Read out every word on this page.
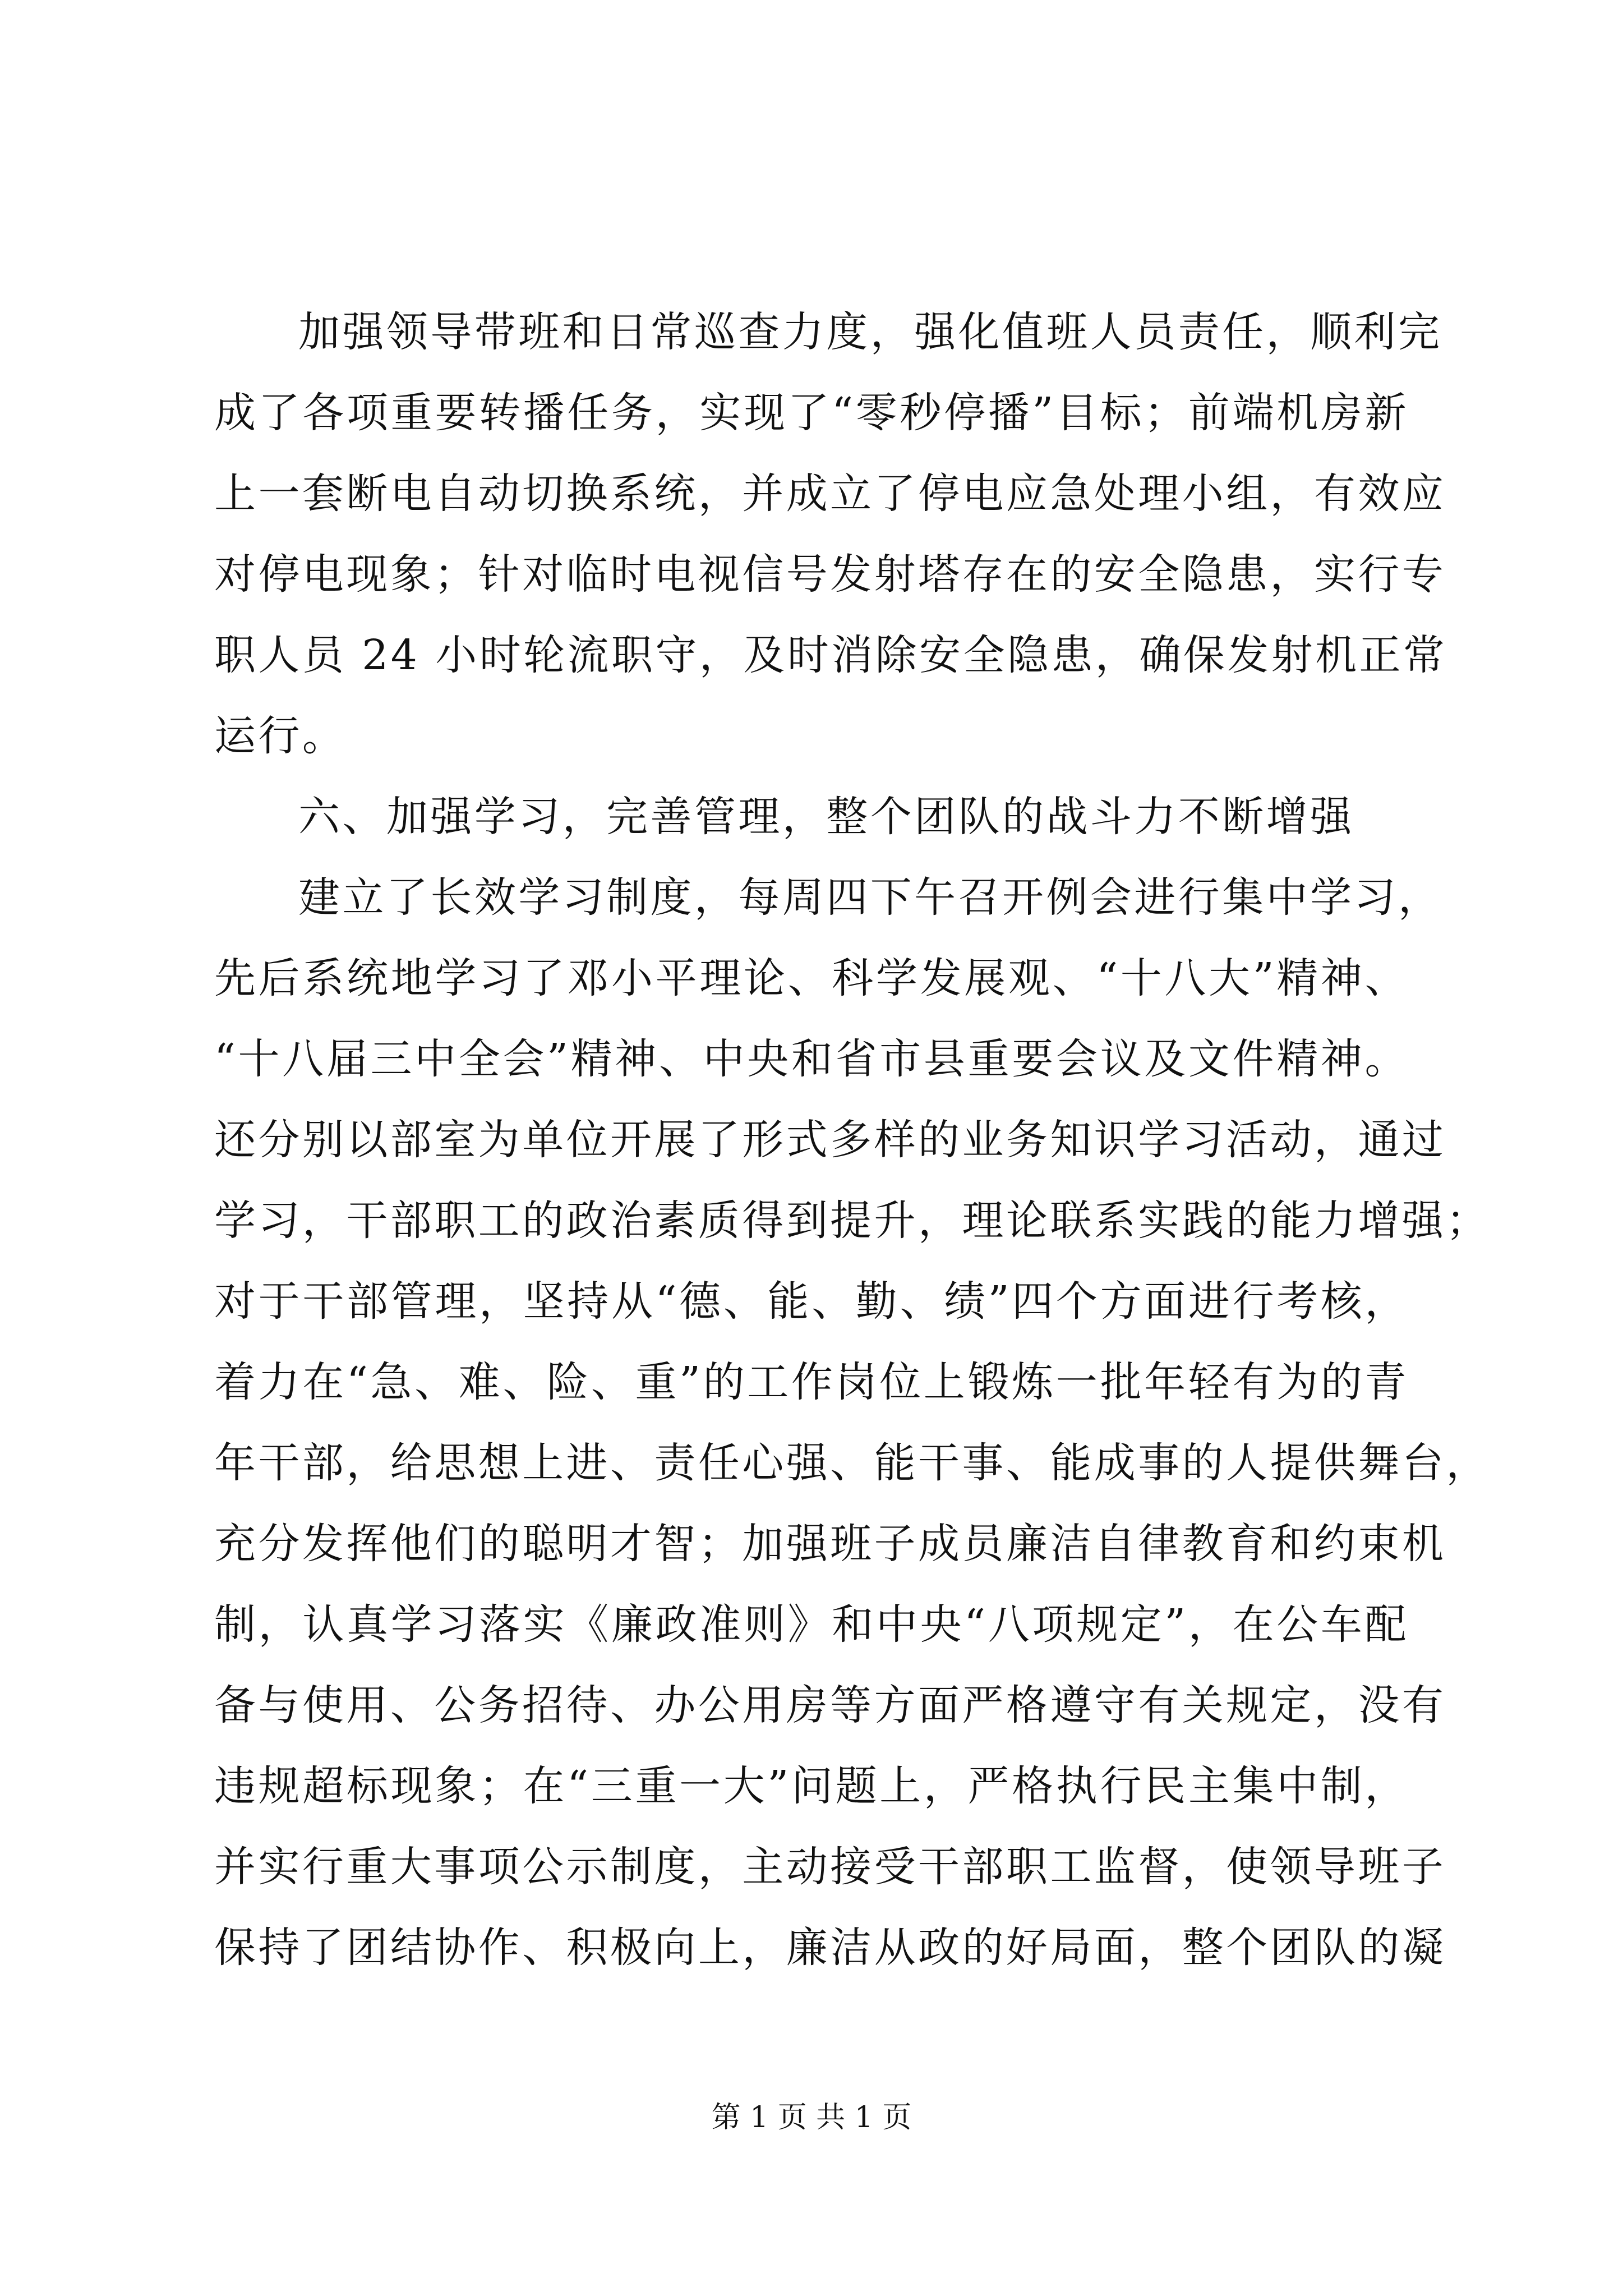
加强领导带班和日常巡查力度，强化值班人员责任，顺利完
成了各项重要转播任务，实现了“零秒停播”目标；前端机房新
上一套断电自动切换系统，并成立了停电应急处理小组，有效应
对停电现象；针对临时电视信号发射塔存在的安全隐患，实行专
职人员 24 小时轮流职守，及时消除安全隐患，确保发射机正常
运行。
六、加强学习，完善管理，整个团队的战斗力不断增强
建立了长效学习制度，每周四下午召开例会进行集中学习，
先后系统地学习了邓小平理论、科学发展观、“十八大”精神、
“十八届三中全会”精神、中央和省市县重要会议及文件精神。
还分别以部室为单位开展了形式多样的业务知识学习活动，通过
学习，干部职工的政治素质得到提升，理论联系实践的能力增强；
对于干部管理，坚持从“德、能、勤、绩”四个方面进行考核，
着力在“急、难、险、重”的工作岗位上锻炼一批年轻有为的青
年干部，给思想上进、责任心强、能干事、能成事的人提供舞台，
充分发挥他们的聪明才智；加强班子成员廉洁自律教育和约束机
制，认真学习落实《廉政准则》和中央“八项规定”，在公车配
备与使用、公务招待、办公用房等方面严格遵守有关规定，没有
违规超标现象；在“三重一大”问题上，严格执行民主集中制，
并实行重大事项公示制度，主动接受干部职工监督，使领导班子
保持了团结协作、积极向上，廉洁从政的好局面，整个团队的凝
第 1 页 共 1 页
